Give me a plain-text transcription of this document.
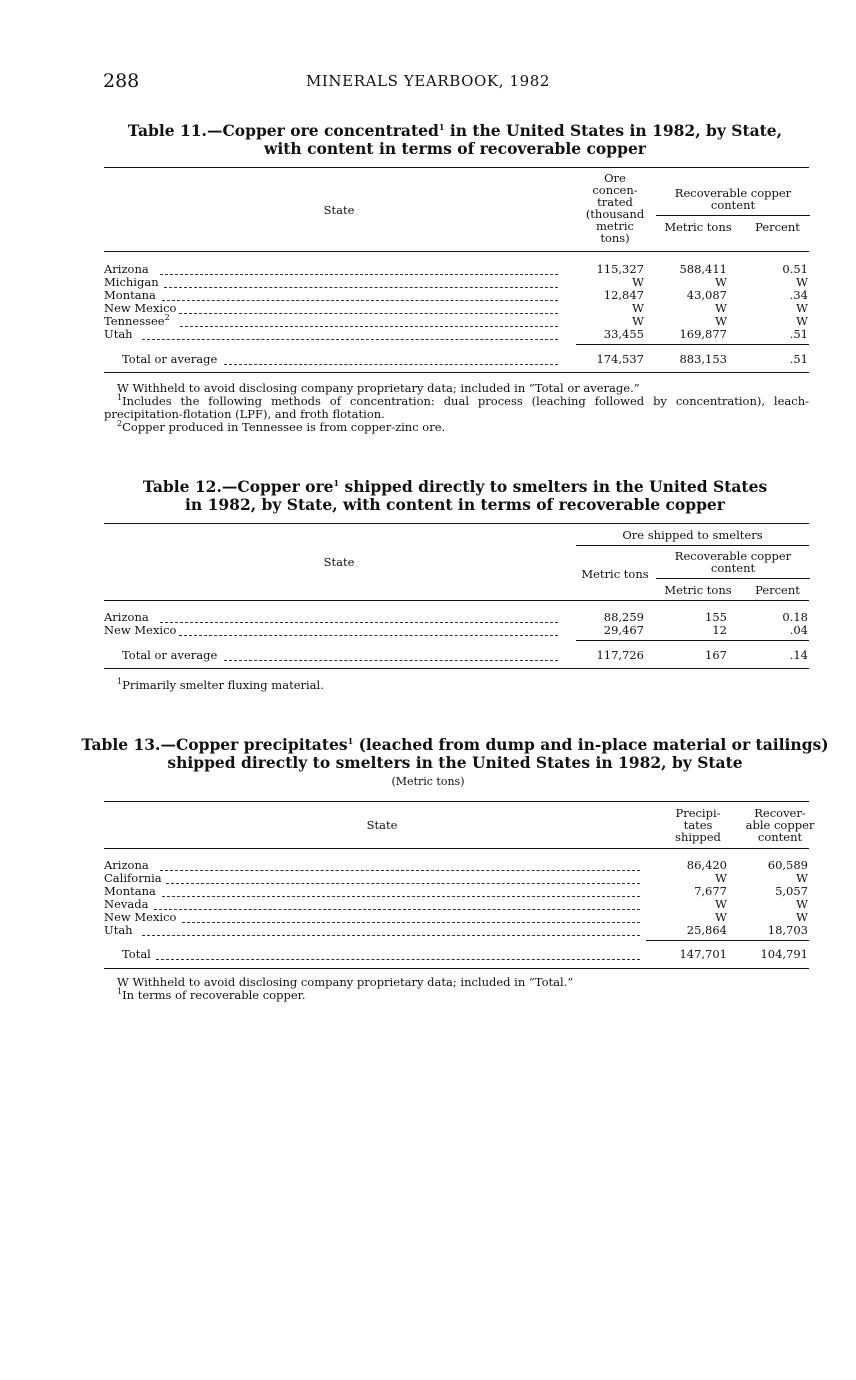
288	MINERALS YEARBOOK, 1982
Table 11.—Copper ore concentrated$^1$ in the United States in 1982, by State,
with content in terms of recoverable copper
State
Ore
concen-
trated
(thousand
metric
tons)
Recoverable copper
content
Metric tons	Percent
Arizona	115,327	588,411	0.51
Michigan	W	W	W
Montana	12,847	43,087	.34
New Mexico	W	W	W
Tennessee$^2$	W	W	W
Utah	33,455	169,877	.51
Total or average	174,537	883,153	.51
W Withheld to avoid disclosing company proprietary data; included in “Total or average.”
$^1$Includes the following methods of concentration: dual process (leaching followed by concentration), leach-
precipitation-flotation (LPF), and froth flotation.
$^2$Copper produced in Tennessee is from copper-zinc ore.
Table 12.—Copper ore$^1$ shipped directly to smelters in the United States
in 1982, by State, with content in terms of recoverable copper
State
Ore shipped to smelters
Metric tons
Recoverable copper
content
Metric tons	Percent
Arizona	88,259	155	0.18
New Mexico	29,467	12	.04
Total or average	117,726	167	.14
$^1$Primarily smelter fluxing material.
Table 13.—Copper precipitates$^1$ (leached from dump and in-place material or tailings)
shipped directly to smelters in the United States in 1982, by State
(Metric tons)
State
Precipi-
tates
shipped
Recover-
able copper
content
Arizona	86,420	60,589
California	W	W
Montana	7,677	5,057
Nevada	W	W
New Mexico	W	W
Utah	25,864	18,703
Total	147,701	104,791
W Withheld to avoid disclosing company proprietary data; included in “Total.”
$^1$In terms of recoverable copper.
